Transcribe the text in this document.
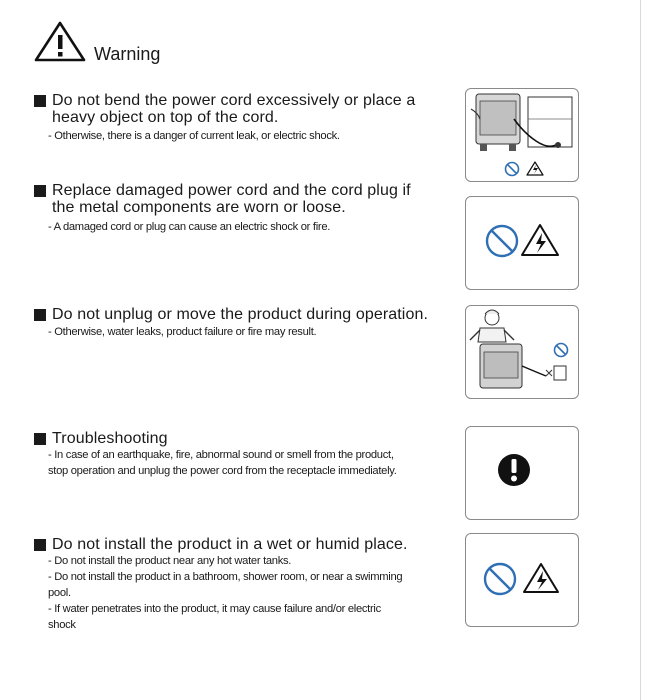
Warning
Do not bend the power cord excessively or place a heavy object on top of the cord.
- Otherwise, there is a danger of current leak, or electric shock.
Replace damaged power cord and the cord plug if the metal components are worn or loose.
- A damaged cord or plug can cause an electric shock or fire.
Do not unplug or move the product during operation.
- Otherwise, water leaks, product failure or fire may result.
Troubleshooting
- In case of an earthquake, fire, abnormal sound or smell from the product, stop operation and unplug the power cord from the receptacle immediately.
Do not install the product in a wet or humid place.
- Do not install the product near any hot water tanks.
- Do not install the product in a bathroom, shower room, or near a swimming pool.
- If water penetrates into the product, it may cause failure and/or electric shock
